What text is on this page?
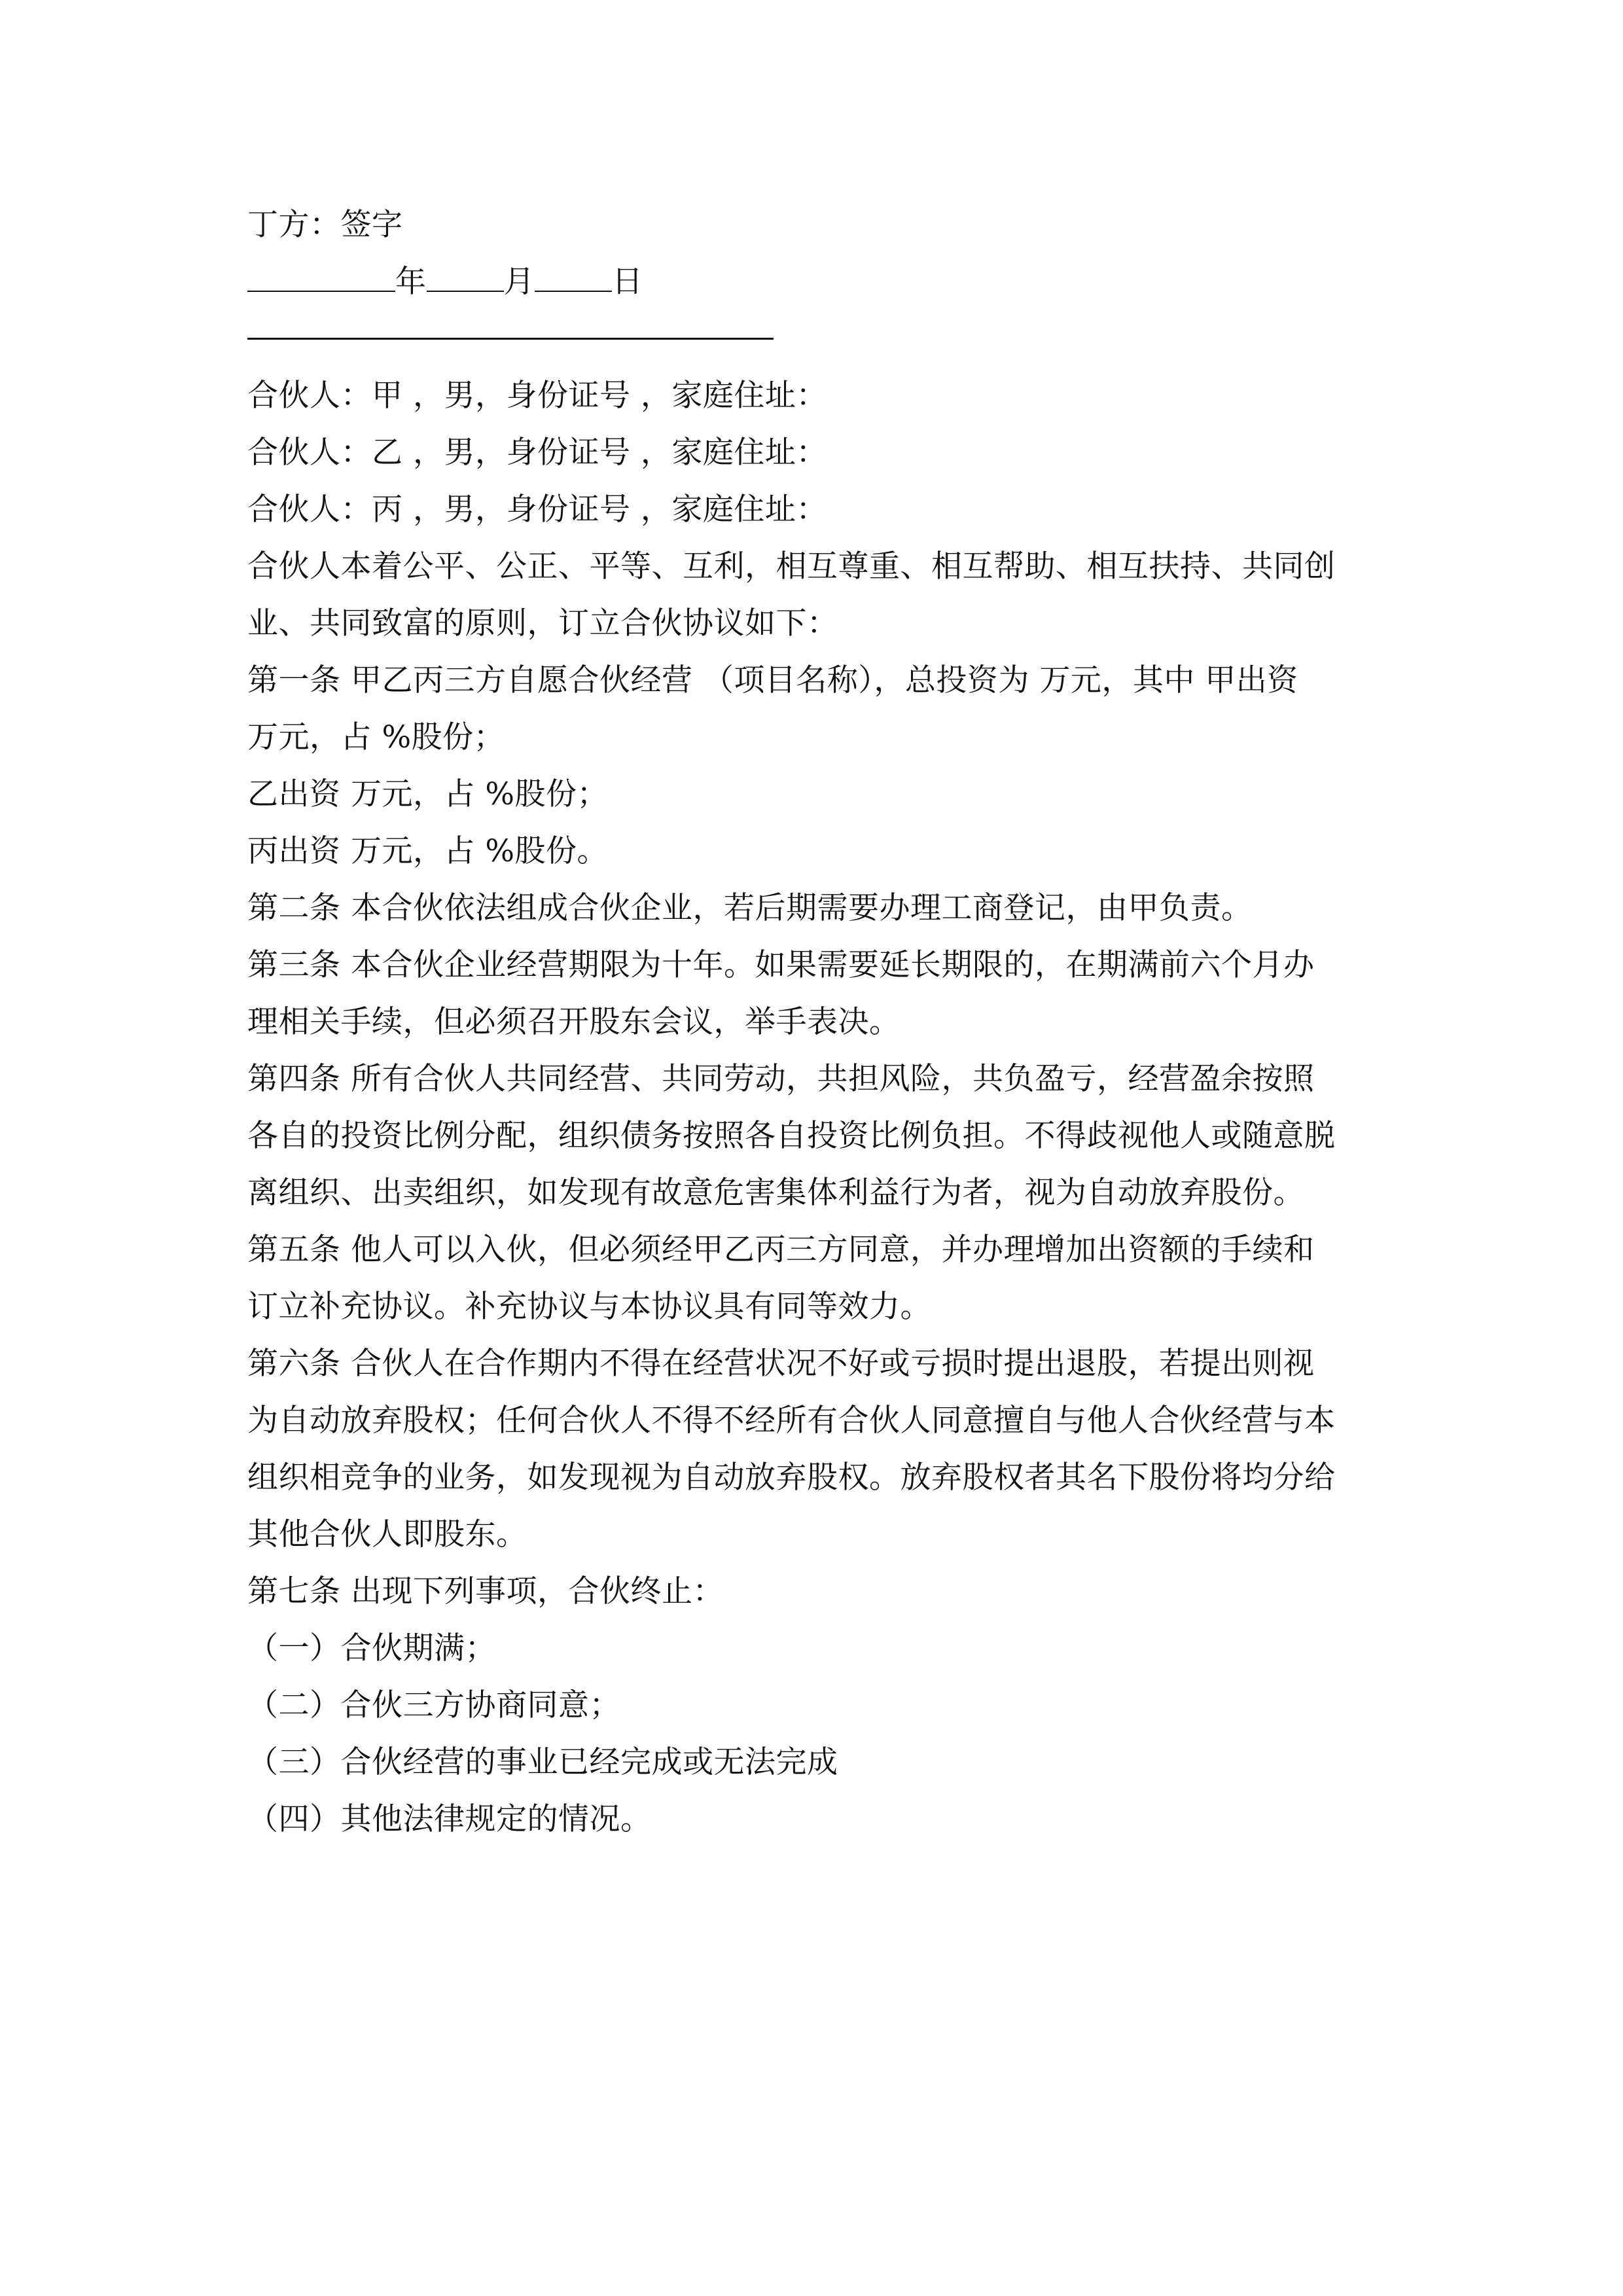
丁方：签字
年	月	日
合伙人：甲 ，男，身份证号 ，家庭住址：
合伙人：乙 ，男，身份证号 ，家庭住址：
合伙人：丙 ，男，身份证号 ，家庭住址：
合伙人本着公平、公正、平等、互利，相互尊重、相互帮助、相互扶持、共同创
业、共同致富的原则，订立合伙协议如下：
第一条 甲乙丙三方自愿合伙经营 （项目名称），总投资为 万元，其中 甲出资
万元，占 %股份；
乙出资 万元，占 %股份；
丙出资 万元，占 %股份。
第二条 本合伙依法组成合伙企业，若后期需要办理工商登记，由甲负责。
第三条 本合伙企业经营期限为十年。如果需要延长期限的，在期满前六个月办
理相关手续，但必须召开股东会议，举手表决。
第四条 所有合伙人共同经营、共同劳动，共担风险，共负盈亏，经营盈余按照
各自的投资比例分配，组织债务按照各自投资比例负担。不得歧视他人或随意脱
离组织、出卖组织，如发现有故意危害集体利益行为者，视为自动放弃股份。
第五条 他人可以入伙，但必须经甲乙丙三方同意，并办理增加出资额的手续和
订立补充协议。补充协议与本协议具有同等效力。
第六条 合伙人在合作期内不得在经营状况不好或亏损时提出退股，若提出则视
为自动放弃股权；任何合伙人不得不经所有合伙人同意擅自与他人合伙经营与本
组织相竞争的业务，如发现视为自动放弃股权。放弃股权者其名下股份将均分给
其他合伙人即股东。
第七条 出现下列事项，合伙终止：
（一）合伙期满；
（二）合伙三方协商同意；
（三）合伙经营的事业已经完成或无法完成
（四）其他法律规定的情况。
